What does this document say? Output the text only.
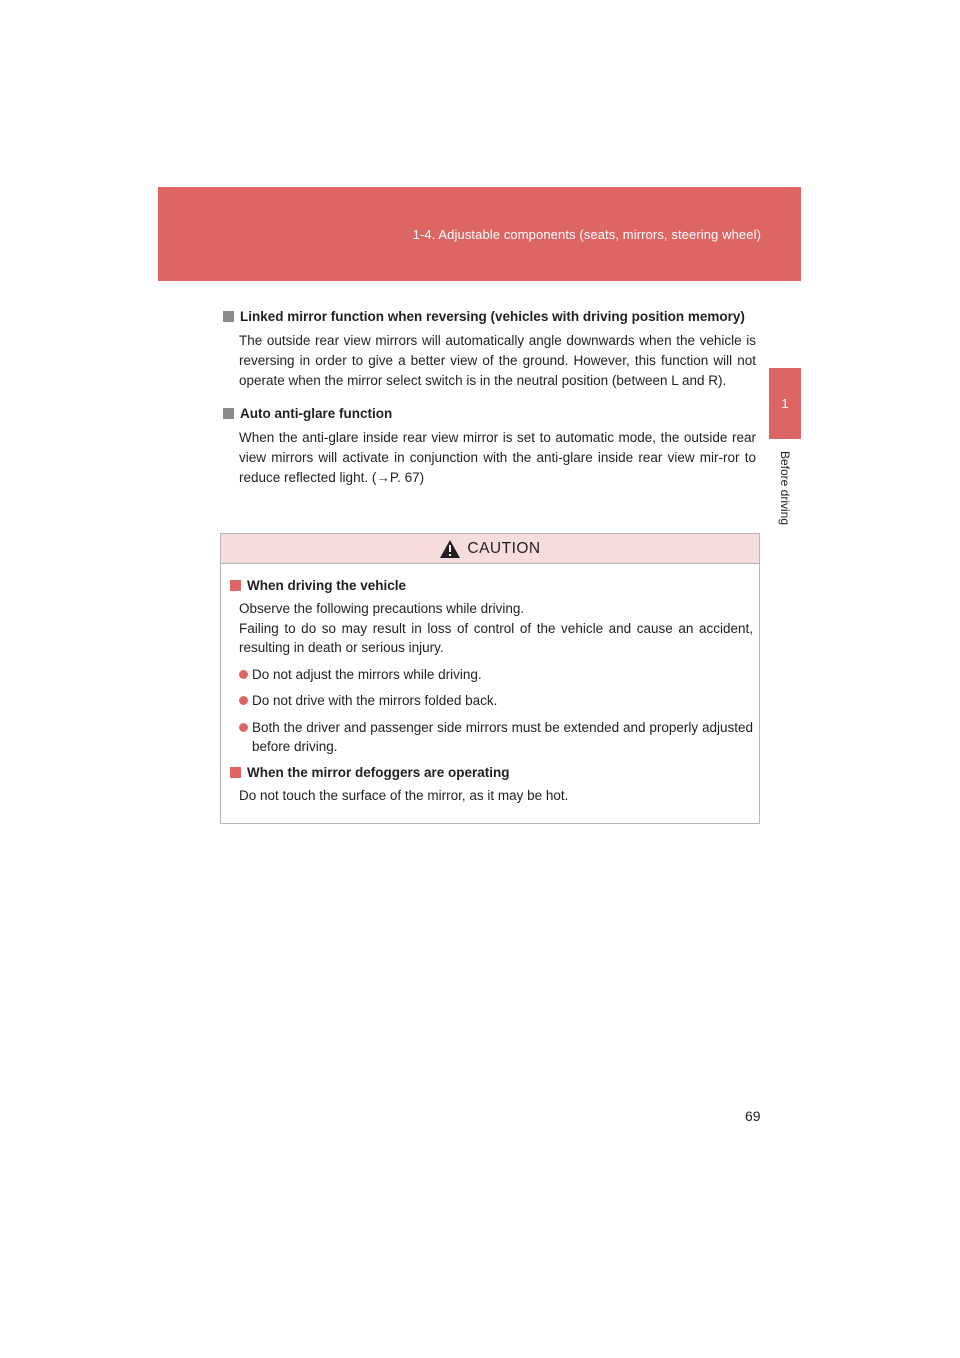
1-4. Adjustable components (seats, mirrors, steering wheel)
1
Before driving
Linked mirror function when reversing (vehicles with driving position memory)
The outside rear view mirrors will automatically angle downwards when the vehicle is reversing in order to give a better view of the ground. However, this function will not operate when the mirror select switch is in the neutral position (between L and R).
Auto anti-glare function
When the anti-glare inside rear view mirror is set to automatic mode, the outside rear view mirrors will activate in conjunction with the anti-glare inside rear view mir-ror to reduce reflected light. (→P. 67)
CAUTION
When driving the vehicle
Observe the following precautions while driving.
Failing to do so may result in loss of control of the vehicle and cause an accident, resulting in death or serious injury.
Do not adjust the mirrors while driving.
Do not drive with the mirrors folded back.
Both the driver and passenger side mirrors must be extended and properly adjusted before driving.
When the mirror defoggers are operating
Do not touch the surface of the mirror, as it may be hot.
69
